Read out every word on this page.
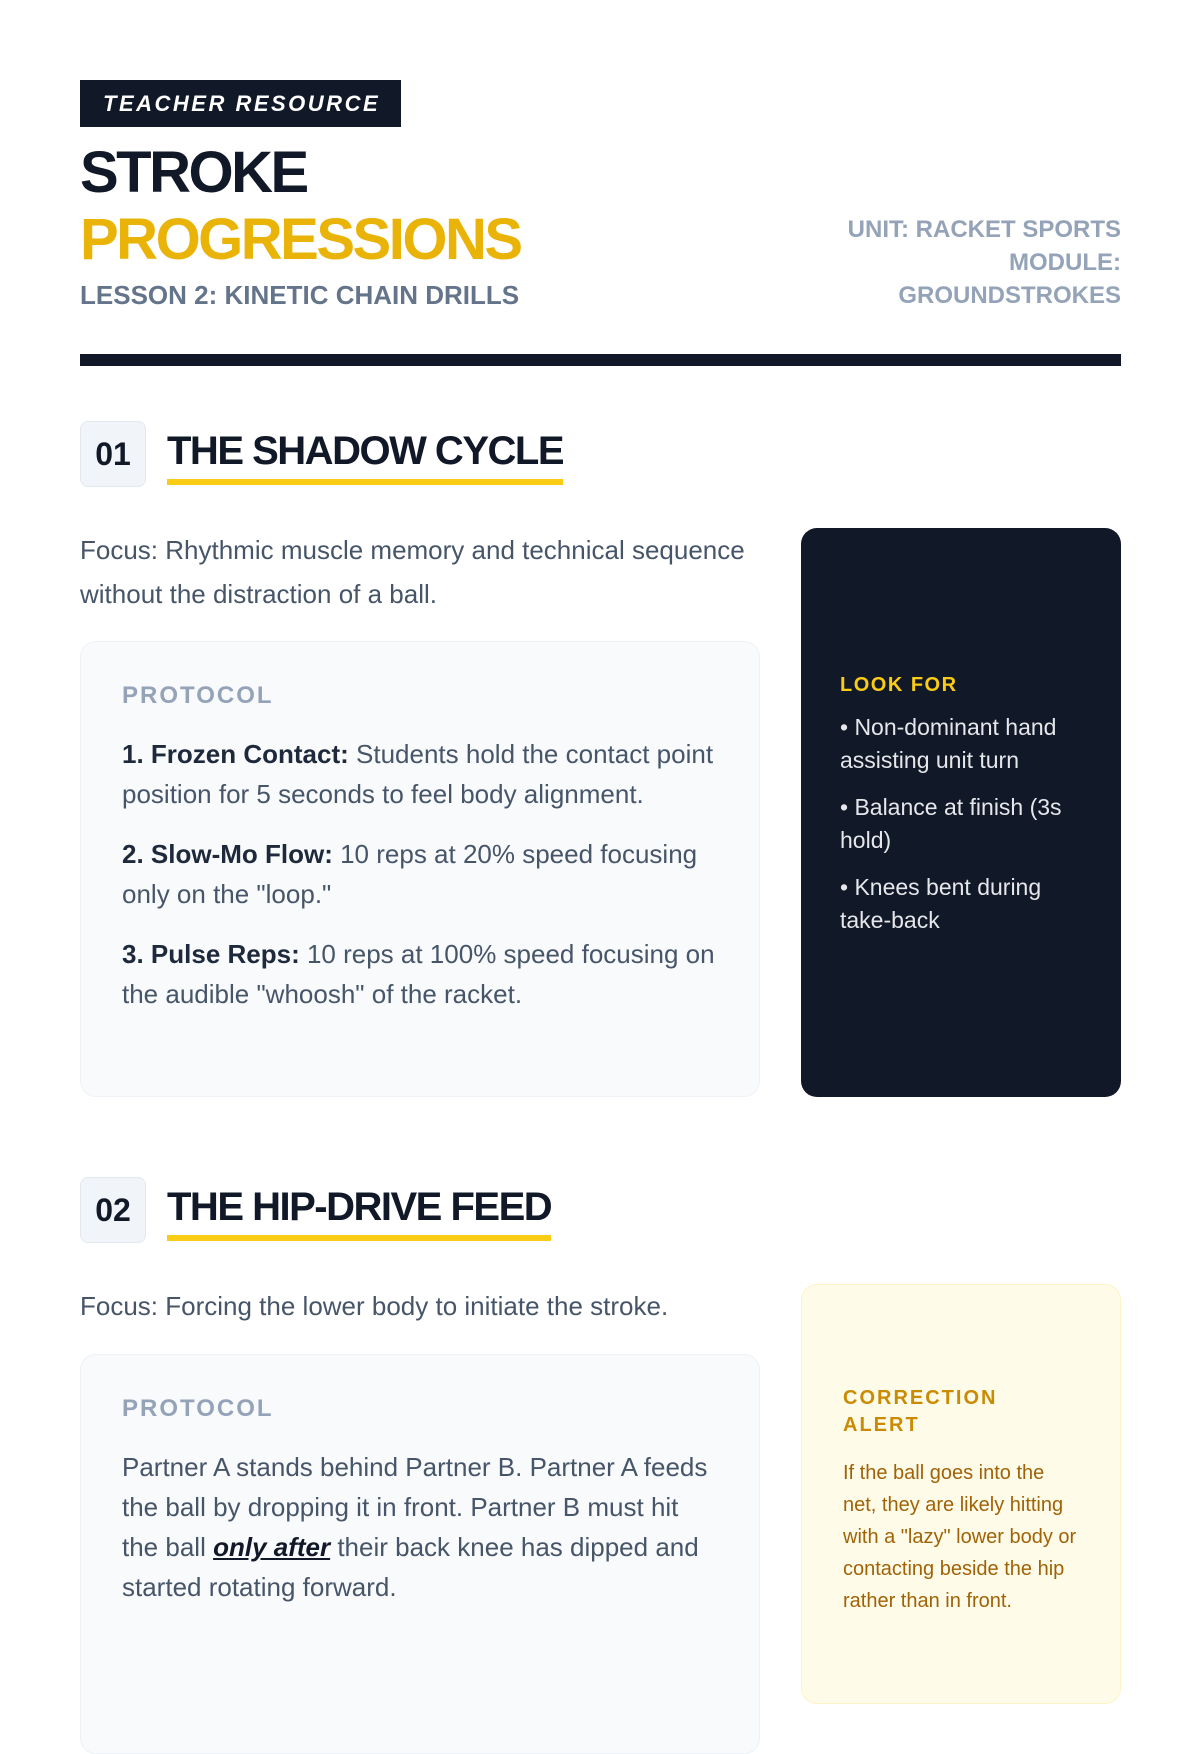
TEACHER RESOURCE
STROKE
PROGRESSIONS
LESSON 2: KINETIC CHAIN DRILLS
UNIT: RACKET SPORTS
MODULE:
GROUNDSTROKES
01 THE SHADOW CYCLE
Focus: Rhythmic muscle memory and technical sequence without the distraction of a ball.
PROTOCOL
1. Frozen Contact: Students hold the contact point position for 5 seconds to feel body alignment.
2. Slow-Mo Flow: 10 reps at 20% speed focusing only on the "loop."
3. Pulse Reps: 10 reps at 100% speed focusing on the audible "whoosh" of the racket.
LOOK FOR
• Non-dominant hand assisting unit turn
• Balance at finish (3s hold)
• Knees bent during take-back
02 THE HIP-DRIVE FEED
Focus: Forcing the lower body to initiate the stroke.
PROTOCOL
Partner A stands behind Partner B. Partner A feeds the ball by dropping it in front. Partner B must hit the ball only after their back knee has dipped and started rotating forward.
CORRECTION
ALERT
If the ball goes into the net, they are likely hitting with a "lazy" lower body or contacting beside the hip rather than in front.
